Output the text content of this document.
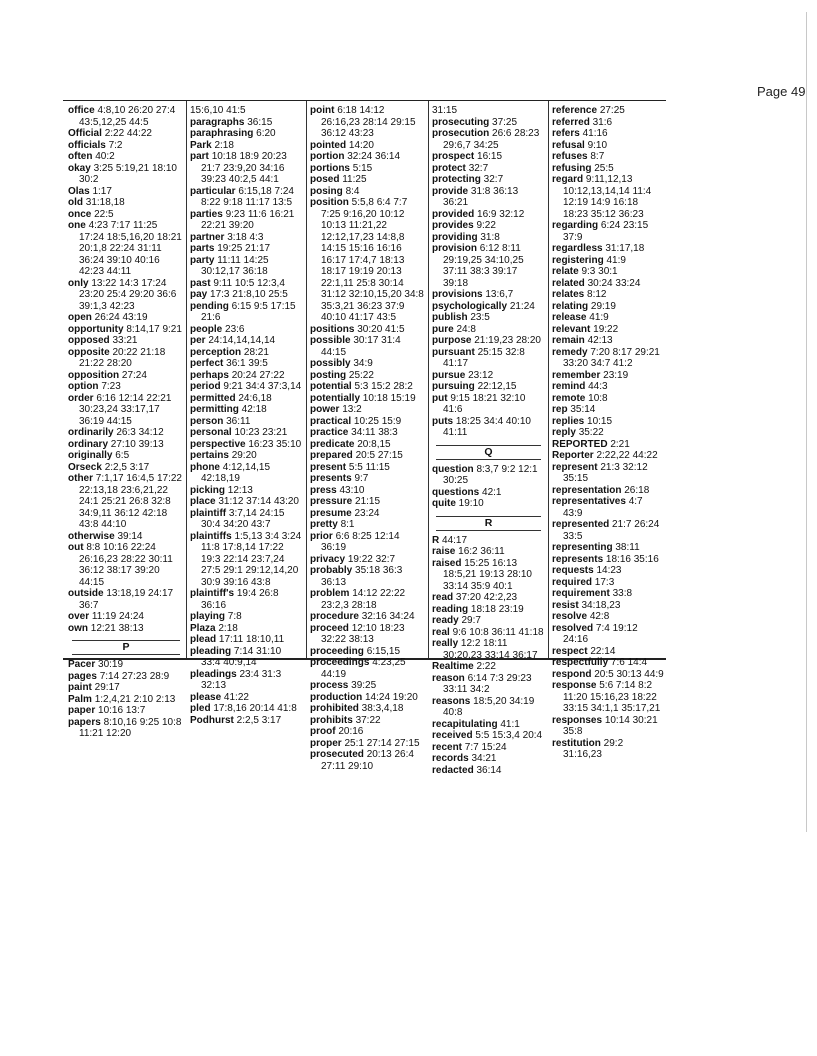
Page 49
office 4:8,10 26:20 27:4 43:5,12,25 44:5
Official 2:22 44:22
officials 7:2
often 40:2
okay 3:25 5:19,21 18:10 30:2
Olas 1:17
old 31:18,18
once 22:5
one 4:23 7:17 11:25 17:24 18:5,16,20 18:21 20:1,8 22:24 31:11 36:24 39:10 40:16 42:23 44:11
only 13:22 14:3 17:24 23:20 25:4 29:20 36:6 39:1,3 42:23
open 26:24 43:19
opportunity 8:14,17 9:21
opposed 33:21
opposite 20:22 21:18 21:22 28:20
opposition 27:24
option 7:23
order 6:16 12:14 22:21 30:23,24 33:17,17 36:19 44:15
ordinarily 26:3 34:12
ordinary 27:10 39:13
originally 6:5
Orseck 2:2,5 3:17
other 7:1,17 16:4,5 17:22 22:13,18 23:6,21,22 24:1 25:21 26:8 32:8 34:9,11 36:12 42:18 43:8 44:10
otherwise 39:14
out 8:8 10:16 22:24 26:16,23 28:22 30:11 36:12 38:17 39:20 44:15
outside 13:18,19 24:17 36:7
over 11:19 24:24
own 12:21 38:13
P
Pacer 30:19
pages 7:14 27:23 28:9
paint 29:17
Palm 1:2,4,21 2:10 2:13
paper 10:16 13:7
papers 8:10,16 9:25 10:8 11:21 12:20
15:6,10 41:5
paragraphs 36:15
paraphrasing 6:20
Park 2:18
part 10:18 18:9 20:23 21:7 23:9,20 34:16 39:23 40:2,5 44:1
particular 6:15,18 7:24 8:22 9:18 11:17 13:5
parties 9:23 11:6 16:21 22:21 39:20
partner 3:18 4:3
parts 19:25 21:17
party 11:11 14:25 30:12,17 36:18
past 9:11 10:5 12:3,4
pay 17:3 21:8,10 25:5
pending 6:15 9:5 17:15 21:6
people 23:6
per 24:14,14,14,14
perception 28:21
perfect 36:1 39:5
perhaps 20:24 27:22
period 9:21 34:4 37:3,14
permitted 24:6,18
permitting 42:18
person 36:11
personal 10:23 23:21
perspective 16:23 35:10
pertains 29:20
phone 4:12,14,15 42:18,19
picking 12:13
place 31:12 37:14 43:20
plaintiff 3:7,14 24:15 30:4 34:20 43:7
plaintiffs 1:5,13 3:4 3:24 11:8 17:8,14 17:22 19:3 22:14 23:7,24 27:5 29:1 29:12,14,20 30:9 39:16 43:8
plaintiff's 19:4 26:8 36:16
playing 7:8
Plaza 2:18
plead 17:11 18:10,11
pleading 7:14 31:10 33:4 40:9,14
pleadings 23:4 31:3 32:13
please 41:22
pled 17:8,16 20:14 41:8
Podhurst 2:2,5 3:17
point 6:18 14:12 26:16,23 28:14 29:15 36:12 43:23
pointed 14:20
portion 32:24 36:14
portions 5:15
posed 11:25
posing 8:4
position 5:5,8 6:4 7:7 7:25 9:16,20 10:12 10:13 11:21,22 12:12,17,23 14:8,8 14:15 15:16 16:16 16:17 17:4,7 18:13 18:17 19:19 20:13 22:1,11 25:8 30:14 31:12 32:10,15,20 34:8 35:3,21 36:23 37:9 40:10 41:17 43:5
positions 30:20 41:5
possible 30:17 31:4 44:15
possibly 34:9
posting 25:22
potential 5:3 15:2 28:2
potentially 10:18 15:19
power 13:2
practical 10:25 15:9
practice 34:11 38:3
predicate 20:8,15
prepared 20:5 27:15
present 5:5 11:15
presents 9:7
press 43:10
pressure 21:15
presume 23:24
pretty 8:1
prior 6:6 8:25 12:14 36:19
privacy 19:22 32:7
probably 35:18 36:3 36:13
problem 14:12 22:22 23:2,3 28:18
procedure 32:16 34:24
proceed 12:10 18:23 32:22 38:13
proceeding 6:15,15
proceedings 4:23,25 44:19
process 39:25
production 14:24 19:20
prohibited 38:3,4,18
prohibits 37:22
proof 20:16
proper 25:1 27:14 27:15
prosecuted 20:13 26:4 27:11 29:10
31:15
prosecuting 37:25
prosecution 26:6 28:23 29:6,7 34:25
prospect 16:15
protect 32:7
protecting 32:7
provide 31:8 36:13 36:21
provided 16:9 32:12
provides 9:22
providing 31:8
provision 6:12 8:11 29:19,25 34:10,25 37:11 38:3 39:17 39:18
provisions 13:6,7
psychologically 21:24
publish 23:5
pure 24:8
purpose 21:19,23 28:20
pursuant 25:15 32:8 41:17
pursue 23:12
pursuing 22:12,15
put 9:15 18:21 32:10 41:6
puts 18:25 34:4 40:10 41:11
Q
question 8:3,7 9:2 12:1 30:25
questions 42:1
quite 19:10
R
R 44:17
raise 16:2 36:11
raised 15:25 16:13 18:5,21 19:13 28:10 33:14 35:9 40:1
read 37:20 42:2,23
reading 18:18 23:19
ready 29:7
real 9:6 10:8 36:11 41:18
really 12:2 18:11 30:20,23 33:14 36:17
Realtime 2:22
reason 6:14 7:3 29:23 33:11 34:2
reasons 18:5,20 34:19 40:8
recapitulating 41:1
received 5:5 15:3,4 20:4
recent 7:7 15:24
records 34:21
redacted 36:14
reference 27:25
referred 31:6
refers 41:16
refusal 9:10
refuses 8:7
refusing 25:5
regard 9:11,12,13 10:12,13,14,14 11:4 12:19 14:9 16:18 18:23 35:12 36:23
regarding 6:24 23:15 37:9
regardless 31:17,18
registering 41:9
relate 9:3 30:1
related 30:24 33:24
relates 8:12
relating 29:19
release 41:9
relevant 19:22
remain 42:13
remedy 7:20 8:17 29:21 33:20 34:7 41:2
remember 23:19
remind 44:3
remote 10:8
rep 35:14
replies 10:15
reply 35:22
REPORTED 2:21
Reporter 2:22,22 44:22
represent 21:3 32:12 35:15
representation 26:18
representatives 4:7 43:9
represented 21:7 26:24 33:5
representing 38:11
represents 18:16 35:16
requests 14:23
required 17:3
requirement 33:8
resist 34:18,23
resolve 42:8
resolved 7:4 19:12 24:16
respect 22:14
respectfully 7:6 14:4
respond 20:5 30:13 44:9
response 5:6 7:14 8:2 11:20 15:16,23 18:22 33:15 34:1,1 35:17,21
responses 10:14 30:21 35:8
restitution 29:2 31:16,23
